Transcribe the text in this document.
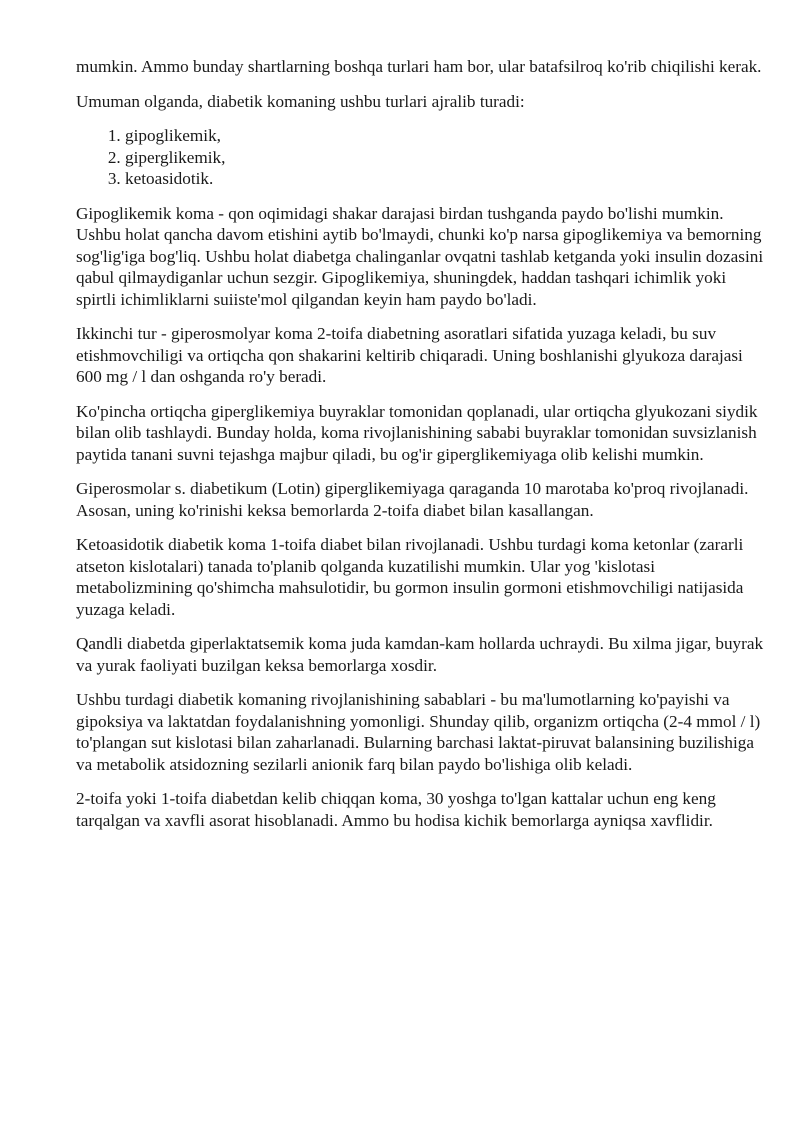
mumkin. Ammo bunday shartlarning boshqa turlari ham bor, ular batafsilroq ko'rib chiqilishi kerak.

Umuman olganda, diabetik komaning ushbu turlari ajralib turadi:

1. gipoglikemik,
2. giperglikemik,
3. ketoasidotik.

Gipoglikemik koma - qon oqimidagi shakar darajasi birdan tushganda paydo bo'lishi mumkin. Ushbu holat qancha davom etishini aytib bo'lmaydi, chunki ko'p narsa gipoglikemiya va bemorning sog'lig'iga bog'liq. Ushbu holat diabetga chalinganlar ovqatni tashlab ketganda yoki insulin dozasini qabul qilmaydiganlar uchun sezgir. Gipoglikemiya, shuningdek, haddan tashqari ichimlik yoki spirtli ichimliklarni suiiste'mol qilgandan keyin ham paydo bo'ladi.

Ikkinchi tur - giperosmolyar koma 2-toifa diabetning asoratlari sifatida yuzaga keladi, bu suv etishmovchiligi va ortiqcha qon shakarini keltirib chiqaradi. Uning boshlanishi glyukoza darajasi 600 mg / l dan oshganda ro'y beradi.

Ko'pincha ortiqcha giperglikemiya buyraklar tomonidan qoplanadi, ular ortiqcha glyukozani siydik bilan olib tashlaydi. Bunday holda, koma rivojlanishining sababi buyraklar tomonidan suvsizlanish paytida tanani suvni tejashga majbur qiladi, bu og'ir giperglikemiyaga olib kelishi mumkin.

Giperosmolar s. diabetikum (Lotin) giperglikemiyaga qaraganda 10 marotaba ko'proq rivojlanadi. Asosan, uning ko'rinishi keksa bemorlarda 2-toifa diabet bilan kasallangan.

Ketoasidotik diabetik koma 1-toifa diabet bilan rivojlanadi. Ushbu turdagi koma ketonlar (zararli atseton kislotalari) tanada to'planib qolganda kuzatilishi mumkin. Ular yog 'kislotasi metabolizmining qo'shimcha mahsulotidir, bu gormon insulin gormoni etishmovchiligi natijasida yuzaga keladi.

Qandli diabetda giperlaktatsemik koma juda kamdan-kam hollarda uchraydi. Bu xilma jigar, buyrak va yurak faoliyati buzilgan keksa bemorlarga xosdir.

Ushbu turdagi diabetik komaning rivojlanishining sabablari - bu ma'lumotlarning ko'payishi va gipoksiya va laktatdan foydalanishning yomonligi. Shunday qilib, organizm ortiqcha (2-4 mmol / l) to'plangan sut kislotasi bilan zaharlanadi. Bularning barchasi laktat-piruvat balansining buzilishiga va metabolik atsidozning sezilarli anionik farq bilan paydo bo'lishiga olib keladi.

2-toifa yoki 1-toifa diabetdan kelib chiqqan koma, 30 yoshga to'lgan kattalar uchun eng keng tarqalgan va xavfli asorat hisoblanadi. Ammo bu hodisa kichik bemorlarga ayniqsa xavflidir.
